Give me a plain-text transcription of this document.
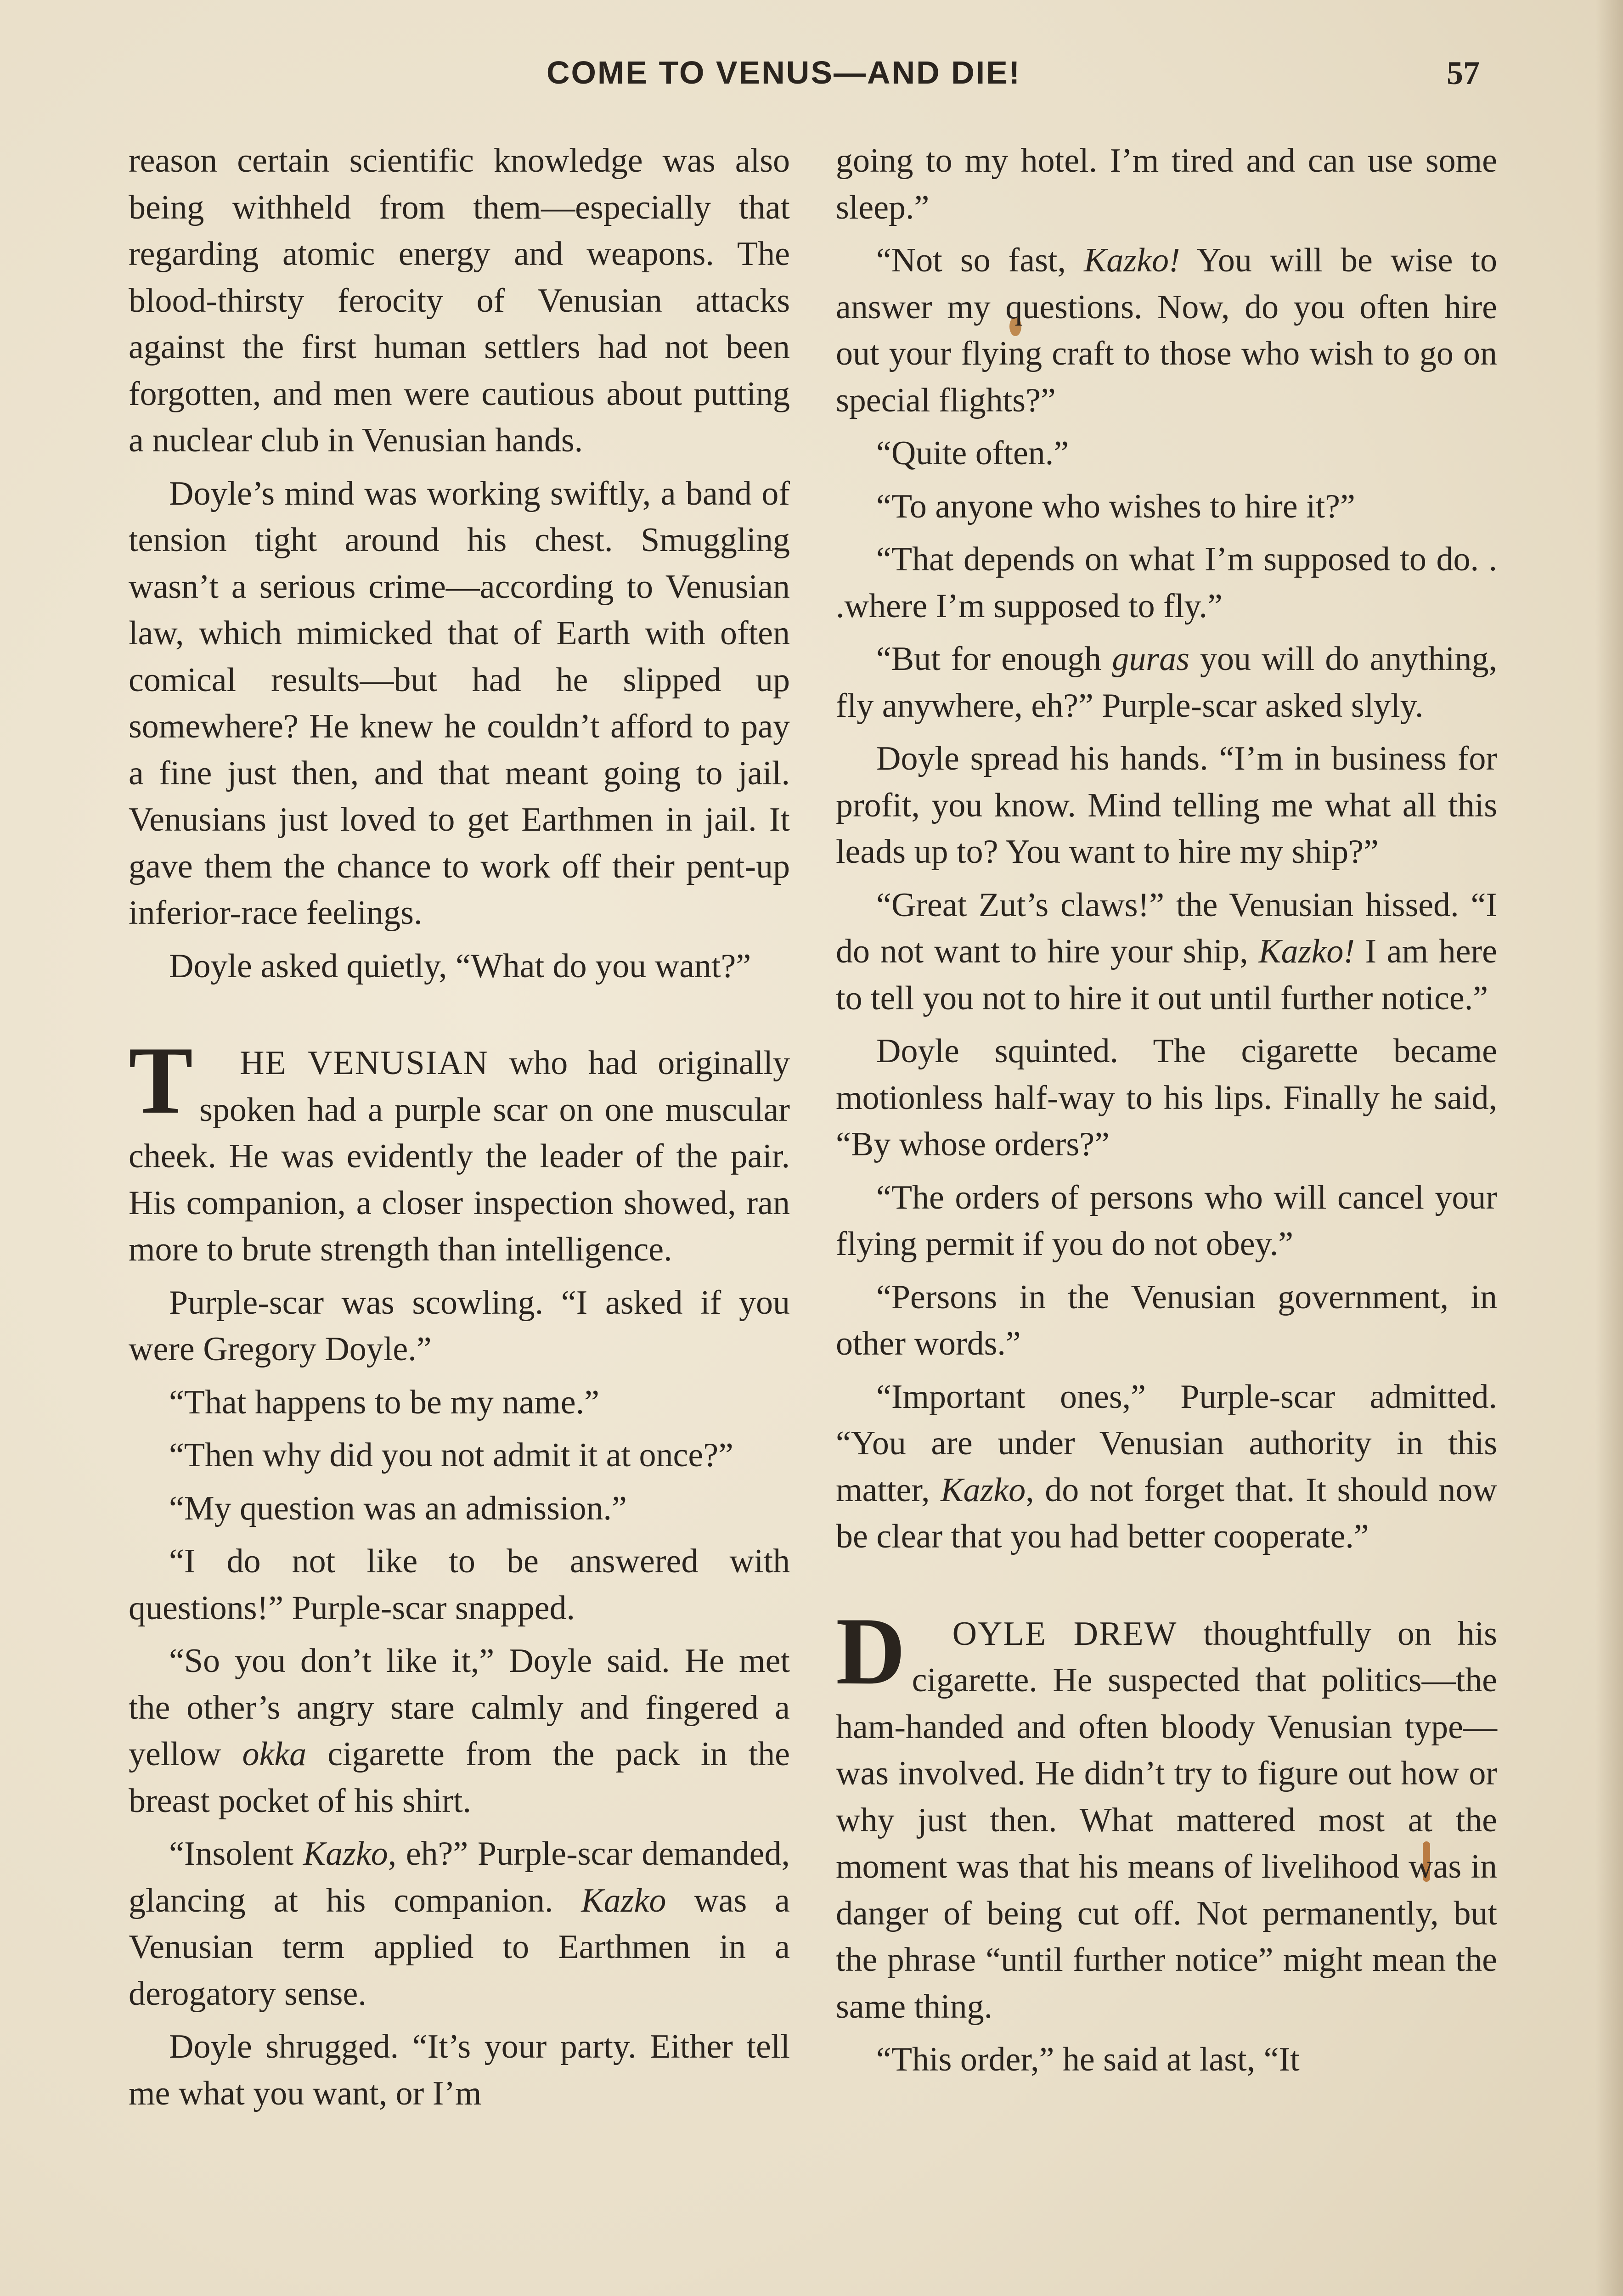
COME TO VENUS—AND DIE!	57

reason certain scientific knowledge was also being withheld from them—especially that regarding atomic energy and weapons. The blood-thirsty ferocity of Venusian attacks against the first human settlers had not been forgotten, and men were cautious about putting a nuclear club in Venusian hands.

Doyle’s mind was working swiftly, a band of tension tight around his chest. Smuggling wasn’t a serious crime—according to Venusian law, which mimicked that of Earth with often comical results—but had he slipped up somewhere? He knew he couldn’t afford to pay a fine just then, and that meant going to jail. Venusians just loved to get Earthmen in jail. It gave them the chance to work off their pent-up inferior-race feelings.

Doyle asked quietly, “What do you want?”

T HE VENUSIAN who had originally spoken had a purple scar on one muscular cheek. He was evidently the leader of the pair. His companion, a closer inspection showed, ran more to brute strength than intelligence.

Purple-scar was scowling. “I asked if you were Gregory Doyle.”

“That happens to be my name.”

“Then why did you not admit it at once?”

“My question was an admission.”

“I do not like to be answered with questions!” Purple-scar snapped.

“So you don’t like it,” Doyle said. He met the other’s angry stare calmly and fingered a yellow okka cigarette from the pack in the breast pocket of his shirt.

“Insolent Kazko, eh?” Purple-scar demanded, glancing at his companion. Kazko was a Venusian term applied to Earthmen in a derogatory sense.

Doyle shrugged. “It’s your party. Either tell me what you want, or I’m

going to my hotel. I’m tired and can use some sleep.”

“Not so fast, Kazko! You will be wise to answer my questions. Now, do you often hire out your flying craft to those who wish to go on special flights?”

“Quite often.”

“To anyone who wishes to hire it?”

“That depends on what I’m supposed to do. . .where I’m supposed to fly.”

“But for enough guras you will do anything, fly anywhere, eh?” Purple-scar asked slyly.

Doyle spread his hands. “I’m in business for profit, you know. Mind telling me what all this leads up to? You want to hire my ship?”

“Great Zut’s claws!” the Venusian hissed. “I do not want to hire your ship, Kazko! I am here to tell you not to hire it out until further notice.”

Doyle squinted. The cigarette became motionless half-way to his lips. Finally he said, “By whose orders?”

“The orders of persons who will cancel your flying permit if you do not obey.”

“Persons in the Venusian government, in other words.”

“Important ones,” Purple-scar admitted. “You are under Venusian authority in this matter, Kazko, do not forget that. It should now be clear that you had better cooperate.”

D OYLE DREW thoughtfully on his cigarette. He suspected that politics—the ham-handed and often bloody Venusian type—was involved. He didn’t try to figure out how or why just then. What mattered most at the moment was that his means of livelihood was in danger of being cut off. Not permanently, but the phrase “until further notice” might mean the same thing.

“This order,” he said at last, “It
